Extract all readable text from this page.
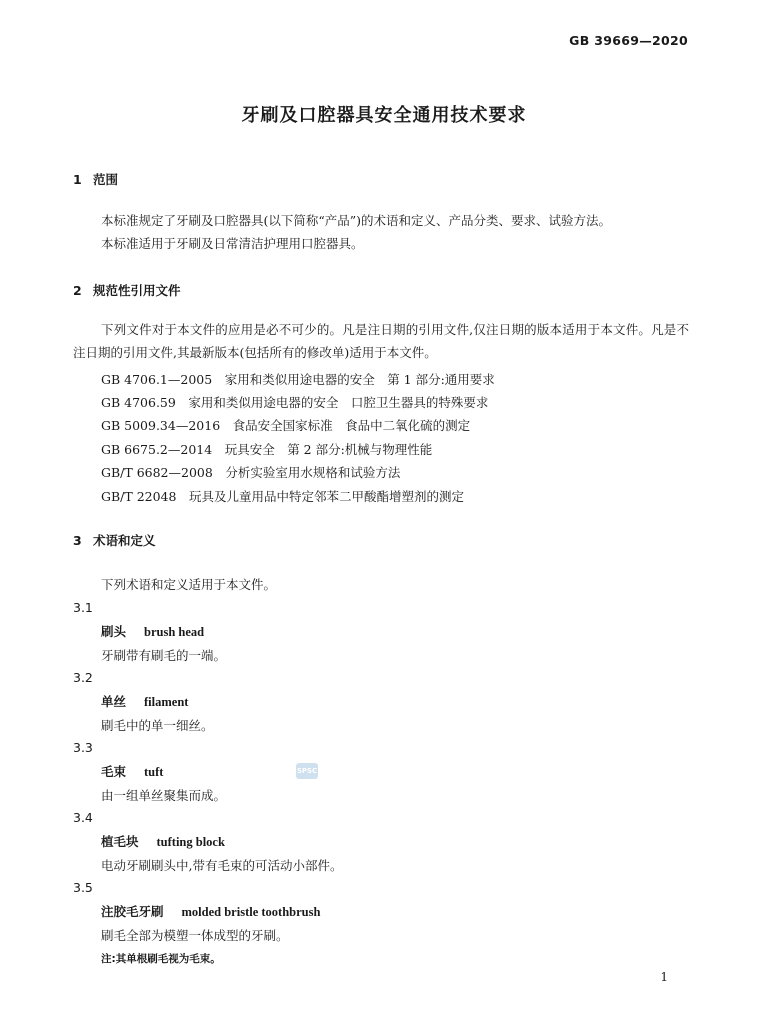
GB 39669—2020
牙刷及口腔器具安全通用技术要求
1 范围
本标准规定了牙刷及口腔器具(以下简称“产品”)的术语和定义、产品分类、要求、试验方法。
本标准适用于牙刷及日常清洁护理用口腔器具。
2 规范性引用文件
下列文件对于本文件的应用是必不可少的。凡是注日期的引用文件,仅注日期的版本适用于本文件。凡是不注日期的引用文件,其最新版本(包括所有的修改单)适用于本文件。
GB 4706.1—2005　家用和类似用途电器的安全　第 1 部分:通用要求
GB 4706.59　家用和类似用途电器的安全　口腔卫生器具的特殊要求
GB 5009.34—2016　食品安全国家标准　食品中二氧化硫的测定
GB 6675.2—2014　玩具安全　第 2 部分:机械与物理性能
GB/T 6682—2008　分析实验室用水规格和试验方法
GB/T 22048　玩具及儿童用品中特定邻苯二甲酸酯增塑剂的测定
3 术语和定义
下列术语和定义适用于本文件。
3.1
刷头 brush head
牙刷带有刷毛的一端。
3.2
单丝 filament
刷毛中的单一细丝。
3.3
毛束 tuft
由一组单丝聚集而成。
3.4
植毛块 tufting block
电动牙刷刷头中,带有毛束的可活动小部件。
3.5
注胶毛牙刷 molded bristle toothbrush
刷毛全部为模塑一体成型的牙刷。
注:其单根刷毛视为毛束。
SPSC
1
